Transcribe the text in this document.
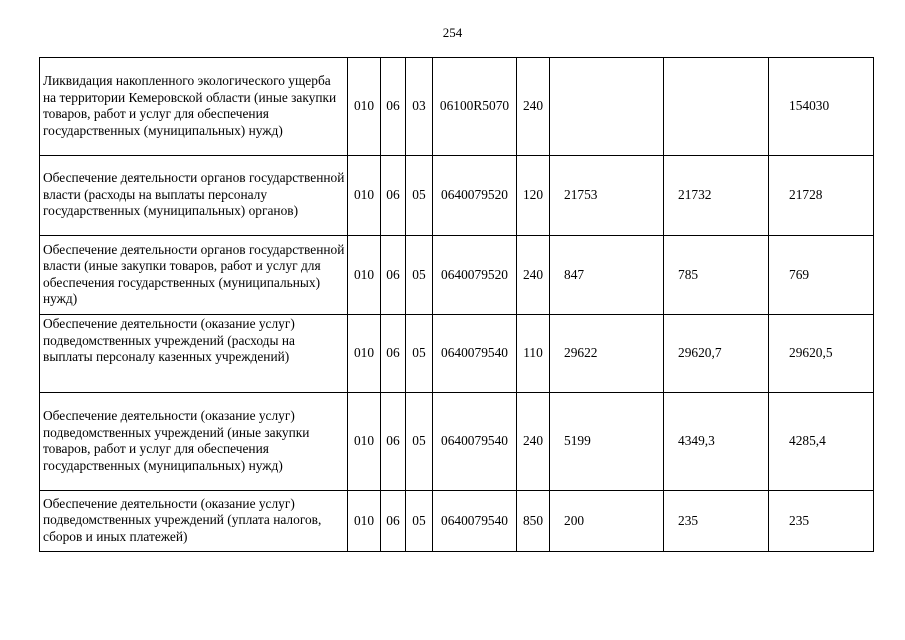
254
Ликвидация накопленного экологического ущерба на территории Кемеровской области (иные закупки товаров, работ и услуг для обеспечения государственных (муниципальных) нужд)	010	06	03	06100R5070	240			154030
Обеспечение деятельности органов государственной власти (расходы на выплаты персоналу государственных (муниципальных) органов)	010	06	05	0640079520	120	21753	21732	21728
Обеспечение деятельности органов государственной власти (иные закупки товаров, работ и услуг для обеспечения государственных (муниципальных) нужд)	010	06	05	0640079520	240	847	785	769
Обеспечение деятельности (оказание услуг) подведомственных учреждений (расходы на выплаты персоналу казенных учреждений)	010	06	05	0640079540	110	29622	29620,7	29620,5
Обеспечение деятельности (оказание услуг) подведомственных учреждений (иные закупки товаров, работ и услуг для обеспечения государственных (муниципальных) нужд)	010	06	05	0640079540	240	5199	4349,3	4285,4
Обеспечение деятельности (оказание услуг) подведомственных учреждений (уплата налогов, сборов и иных платежей)	010	06	05	0640079540	850	200	235	235
